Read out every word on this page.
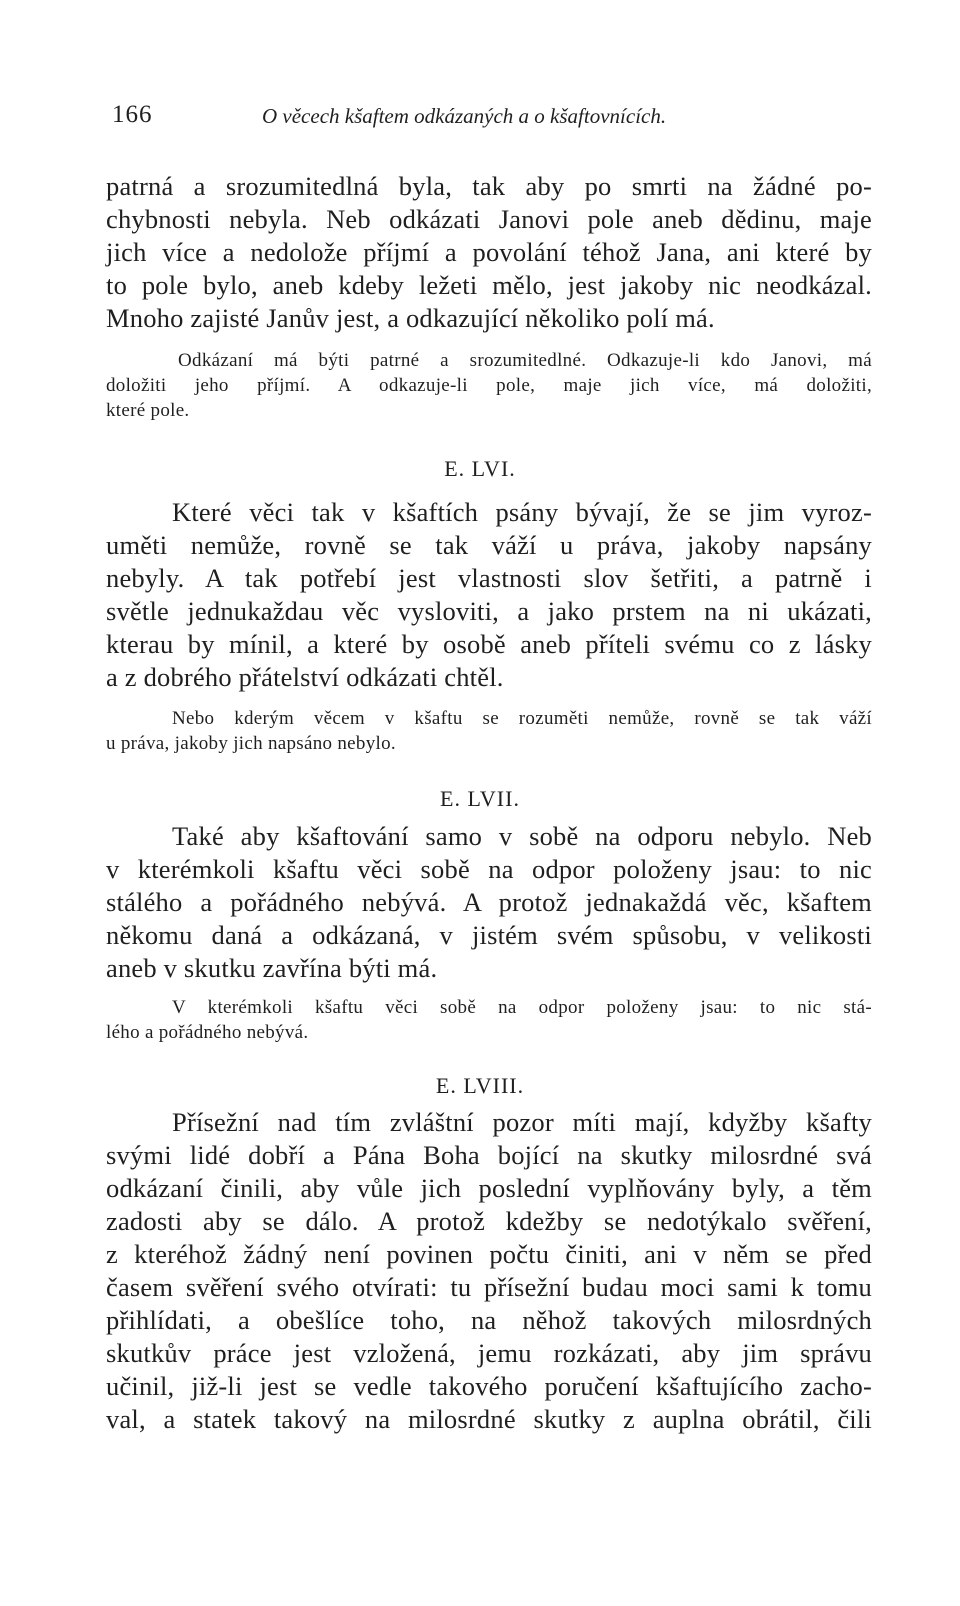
166	O věcech kšaftem odkázaných a o kšaftovnících.
patrná a srozumitedlná byla, tak aby po smrti na žádné po-
chybnosti nebyla. Neb odkázati Janovi pole aneb dědinu, maje
jich více a nedolože příjmí a povolání téhož Jana, ani které by
to pole bylo, aneb kdeby ležeti mělo, jest jakoby nic neodkázal.
Mnoho zajisté Janův jest, a odkazující několiko polí má.
Odkázaní má býti patrné a srozumitedlné. Odkazuje-li kdo Janovi, má
doložiti jeho příjmí. A odkazuje-li pole, maje jich více, má doložiti,
které pole.
E. LVI.
Které věci tak v kšaftích psány bývají, že se jim vyroz-
uměti nemůže, rovně se tak váží u práva, jakoby napsány
nebyly. A tak potřebí jest vlastnosti slov šetřiti, a patrně i
světle jednukaždau věc vysloviti, a jako prstem na ni ukázati,
kterau by mínil, a které by osobě aneb příteli svému co z lásky
a z dobrého přátelství odkázati chtěl.
Nebo kderým věcem v kšaftu se rozuměti nemůže, rovně se tak váží
u práva, jakoby jich napsáno nebylo.
E. LVII.
Také aby kšaftování samo v sobě na odporu nebylo. Neb
v kterémkoli kšaftu věci sobě na odpor položeny jsau: to nic
stálého a pořádného nebývá. A protož jednakaždá věc, kšaftem
někomu daná a odkázaná, v jistém svém spůsobu, v velikosti
aneb v skutku zavřína býti má.
V kterémkoli kšaftu věci sobě na odpor položeny jsau: to nic stá-
lého a pořádného nebývá.
E. LVIII.
Přísežní nad tím zvláštní pozor míti mají, kdyžby kšafty
svými lidé dobří a Pána Boha bojící na skutky milosrdné svá
odkázaní činili, aby vůle jich poslední vyplňovány byly, a těm
zadosti aby se dálo. A protož kdežby se nedotýkalo svěření,
z kteréhož žádný není povinen počtu činiti, ani v něm se před
časem svěření svého otvírati: tu přísežní budau moci sami k tomu
přihlídati, a obešlíce toho, na něhož takových milosrdných
skutkův práce jest vzložená, jemu rozkázati, aby jim správu
učinil, již-li jest se vedle takového poručení kšaftujícího zacho-
val, a statek takový na milosrdné skutky z auplna obrátil, čili
